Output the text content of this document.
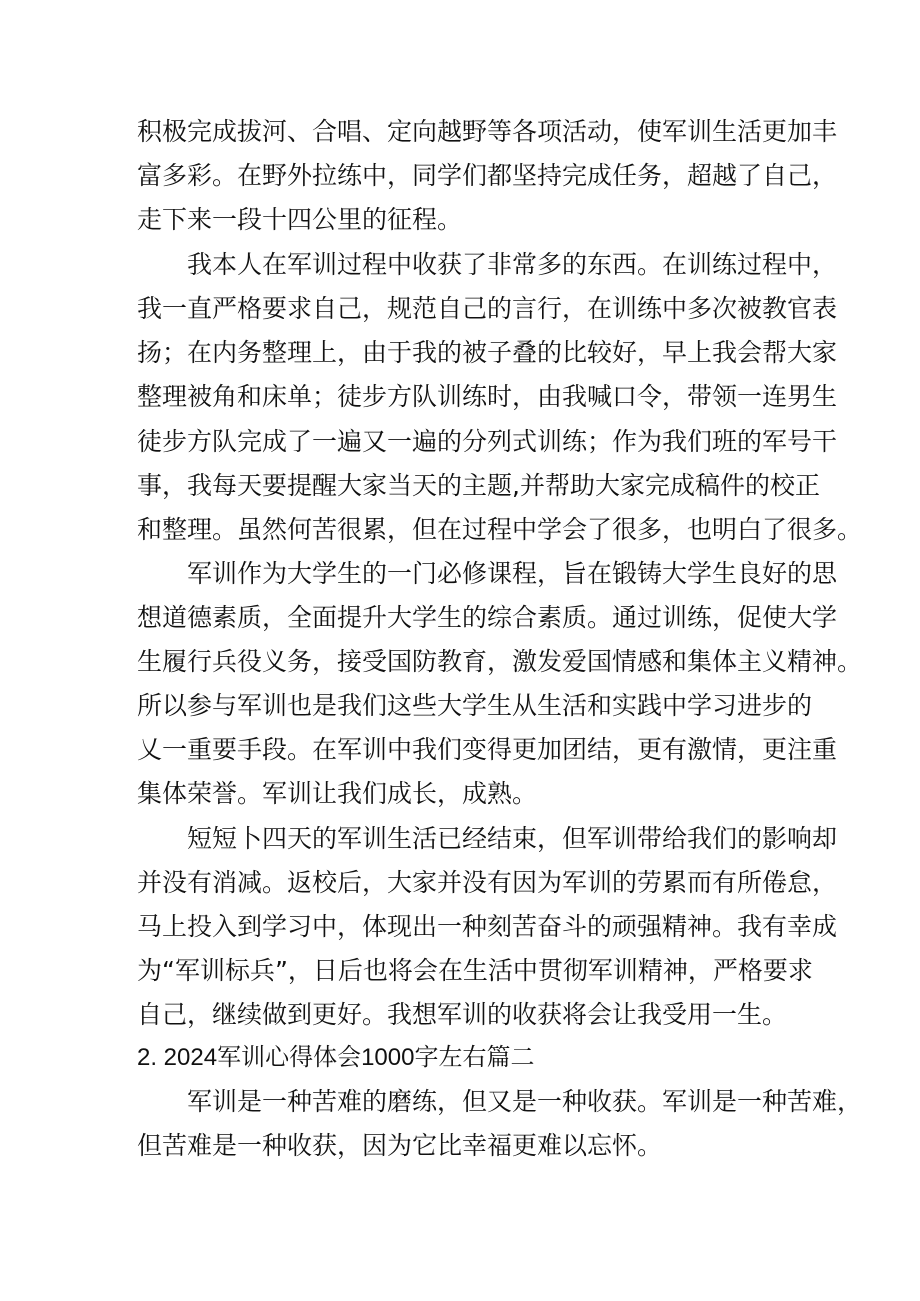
积极完成拔河、合唱、定向越野等各项活动，使军训生活更加丰
富多彩。在野外拉练中，同学们都坚持完成任务，超越了自己，
走下来一段十四公里的征程。
我本人在军训过程中收获了非常多的东西。在训练过程中，
我一直严格要求自己，规范自己的言行，在训练中多次被教官表
扬；在内务整理上，由于我的被子叠的比较好，早上我会帮大家
整理被角和床单；徒步方队训练时，由我喊口令，带领一连男生
徒步方队完成了一遍又一遍的分列式训练；作为我们班的军号干
事，我每天要提醒大家当天的主题,并帮助大家完成稿件的校正
和整理。虽然何苦很累，但在过程中学会了很多，也明白了很多。
军训作为大学生的一门必修课程，旨在锻铸大学生良好的思
想道德素质，全面提升大学生的综合素质。通过训练，促使大学
生履行兵役义务，接受国防教育，激发爱国情感和集体主义精神。
所以参与军训也是我们这些大学生从生活和实践中学习进步的
乂一重要手段。在军训中我们变得更加团结，更有激情，更注重
集体荣誉。军训让我们成长，成熟。
短短卜四天的军训生活已经结束，但军训带给我们的影响却
并没有消减。返校后，大家并没有因为军训的劳累而有所倦怠，
马上投入到学习中，体现出一种刻苦奋斗的顽强精神。我有幸成
为“军训标兵”，日后也将会在生活中贯彻军训精神，严格要求
自己，继续做到更好。我想军训的收获将会让我受用一生。
2. 2024军训心得体会1000字左右篇二
军训是一种苦难的磨练，但又是一种收获。军训是一种苦难，
但苦难是一种收获，因为它比幸福更难以忘怀。
